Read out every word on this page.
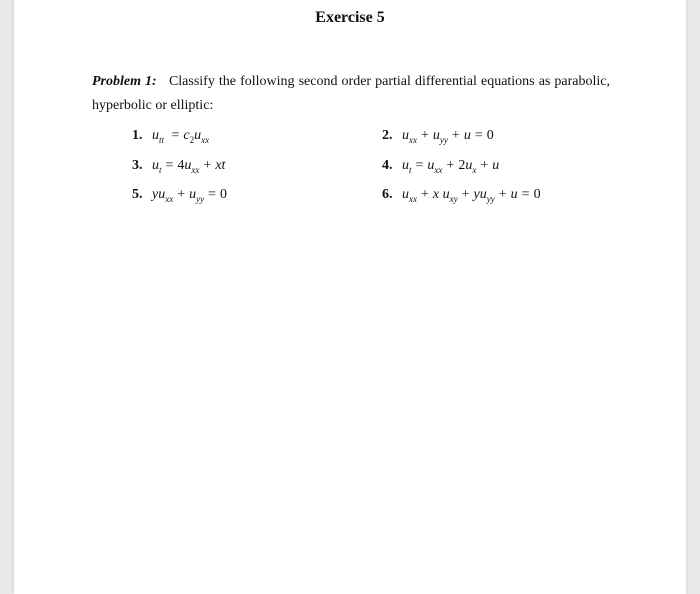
Exercise 5
Problem 1: Classify the following second order partial differential equations as parabolic, hyperbolic or elliptic:
1. $u_{tt} = c_2u_{xx}$	2. $u_{xx} + u_{yy} + u = 0$
3. $u_t = 4u_{xx}$ + xt	4. $u_t = u_{xx} + 2u_x + u$
5. $yu_{xx} + u_{yy} = 0$	6. $u_{xx} + x$ $u_{xy} + yu_{yy} + u = 0$
